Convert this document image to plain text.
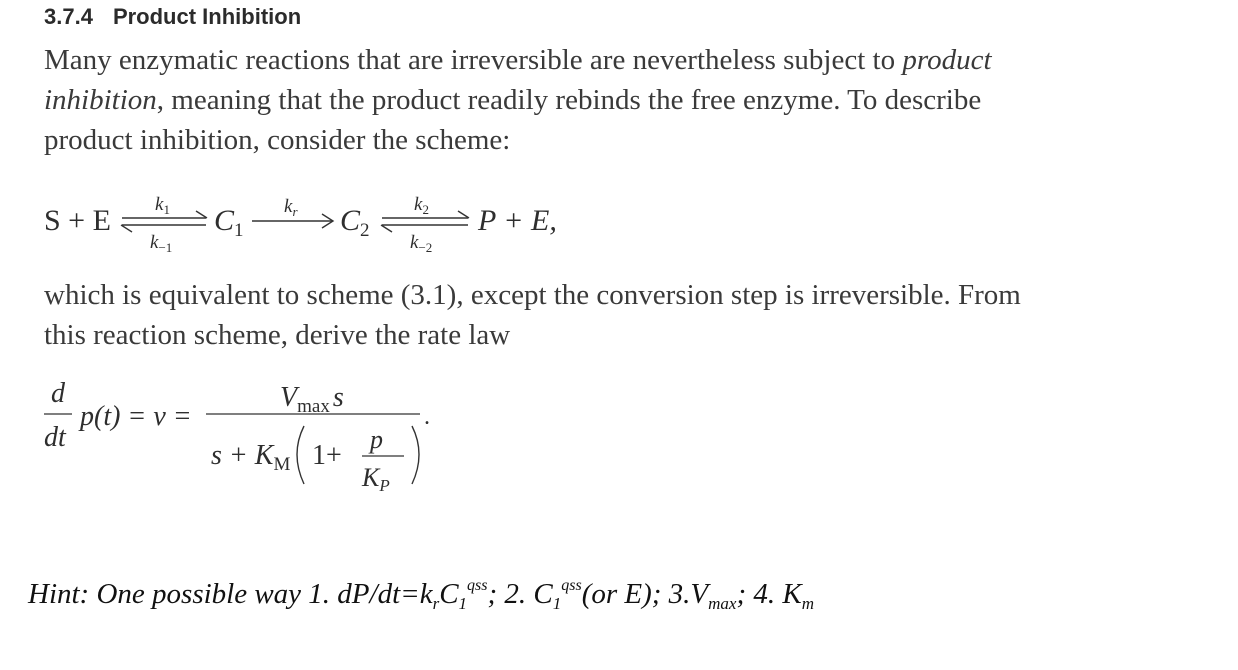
3.7.4 Product Inhibition
Many enzymatic reactions that are irreversible are nevertheless subject to product
inhibition, meaning that the product readily rebinds the free enzyme. To describe
product inhibition, consider the scheme:
S + E $k_1$
$k_{-1}$
$C_1$
$k_r$ $C_2$
$k_2$
$k_{-2}$
P + E,
which is equivalent to scheme (3.1), except the conversion step is irreversible. From
this reaction scheme, derive the rate law
d
dt
p(t) = v =
$V_{max}$ s
$s + K_M$ 1+
p
KP
.
Hint: One possible way 1. $dP/dt=k_rC_1^{qss}$; 2. $C_1^{qss}(or$ E); $3.V_{max}$; 4. $K_m$
